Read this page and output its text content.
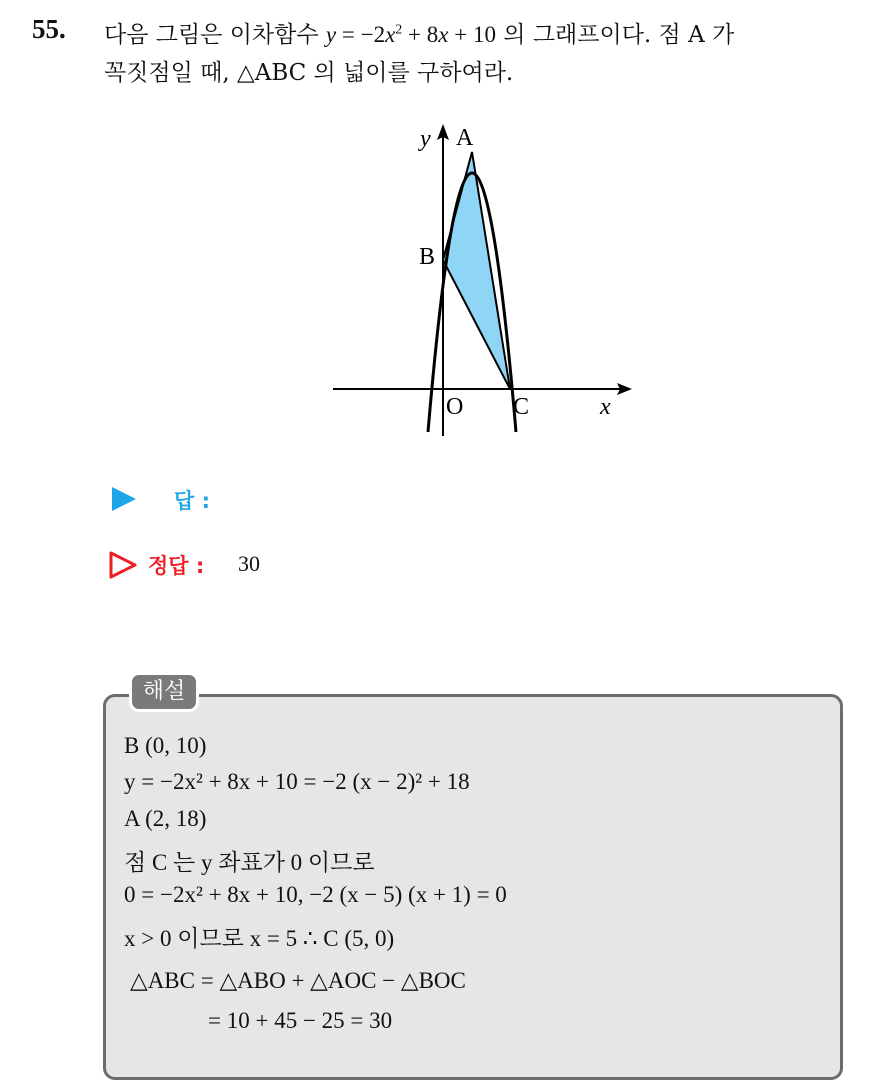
55. 다음 그림은 이차함수 $y = -2x^2 + 8x + 10$ 의 그래프이다. 점 A 가
꼭짓점일 때, △ABC 의 넓이를 구하여라.
y A
B
O C	x
답 :
정답 : 30
해설
B (0, 10)
y = −2x² + 8x + 10 = −2 (x − 2)² + 18
A (2, 18)
점 C 는 y 좌표가 0 이므로
0 = −2x² + 8x + 10, −2 (x − 5) (x + 1) = 0
x > 0 이므로 x = 5 ∴ C (5, 0)
△ABC = △ABO + △AOC − △BOC
= 10 + 45 − 25 = 30
